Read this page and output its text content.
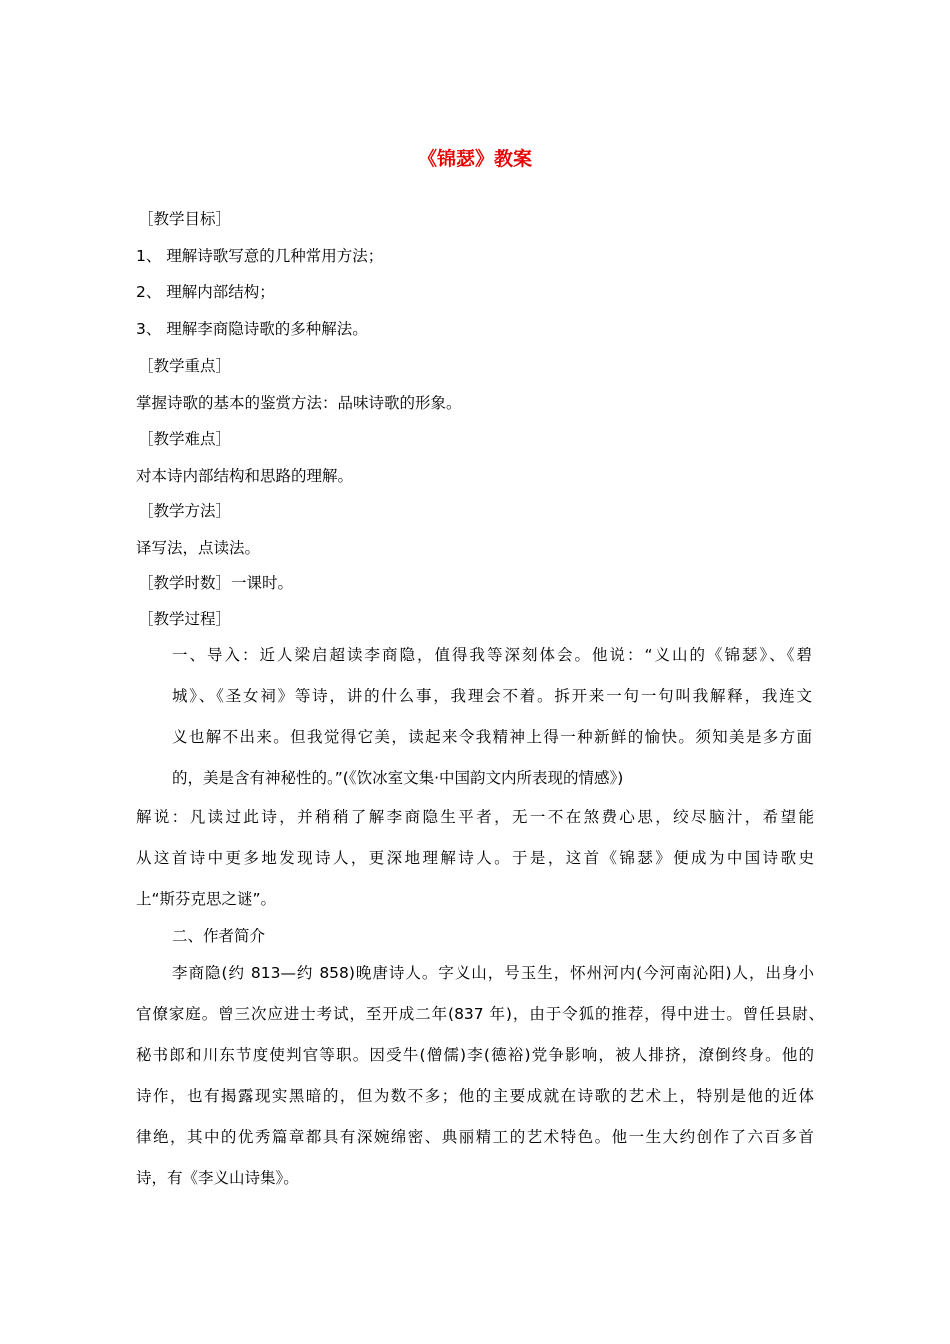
《锦瑟》教案
［教学目标］
1、 理解诗歌写意的几种常用方法；
2、 理解内部结构；
3、 理解李商隐诗歌的多种解法。
［教学重点］
掌握诗歌的基本的鉴赏方法：品味诗歌的形象。
［教学难点］
对本诗内部结构和思路的理解。
［教学方法］
译写法，点读法。
［教学时数］一课时。
［教学过程］
一、导入：近人梁启超读李商隐，值得我等深刻体会。他说：“义山的《锦瑟》、《碧
城》、《圣女祠》等诗，讲的什么事，我理会不着。拆开来一句一句叫我解释，我连文
义也解不出来。但我觉得它美，读起来令我精神上得一种新鲜的愉快。须知美是多方面
的，美是含有神秘性的。”(《饮冰室文集·中国韵文内所表现的情感》)
解说：凡读过此诗，并稍稍了解李商隐生平者，无一不在煞费心思，绞尽脑汁，希望能
从这首诗中更多地发现诗人，更深地理解诗人。于是，这首《锦瑟》便成为中国诗歌史
上“斯芬克思之谜”。
二、作者简介
李商隐(约 813—约 858)晚唐诗人。字义山，号玉生，怀州河内(今河南沁阳)人，出身小
官僚家庭。曾三次应进士考试，至开成二年(837 年)，由于令狐的推荐，得中进士。曾任县尉、
秘书郎和川东节度使判官等职。因受牛(僧儒)李(德裕)党争影响，被人排挤，潦倒终身。他的
诗作，也有揭露现实黑暗的，但为数不多；他的主要成就在诗歌的艺术上，特别是他的近体
律绝，其中的优秀篇章都具有深婉绵密、典丽精工的艺术特色。他一生大约创作了六百多首
诗，有《李义山诗集》。
